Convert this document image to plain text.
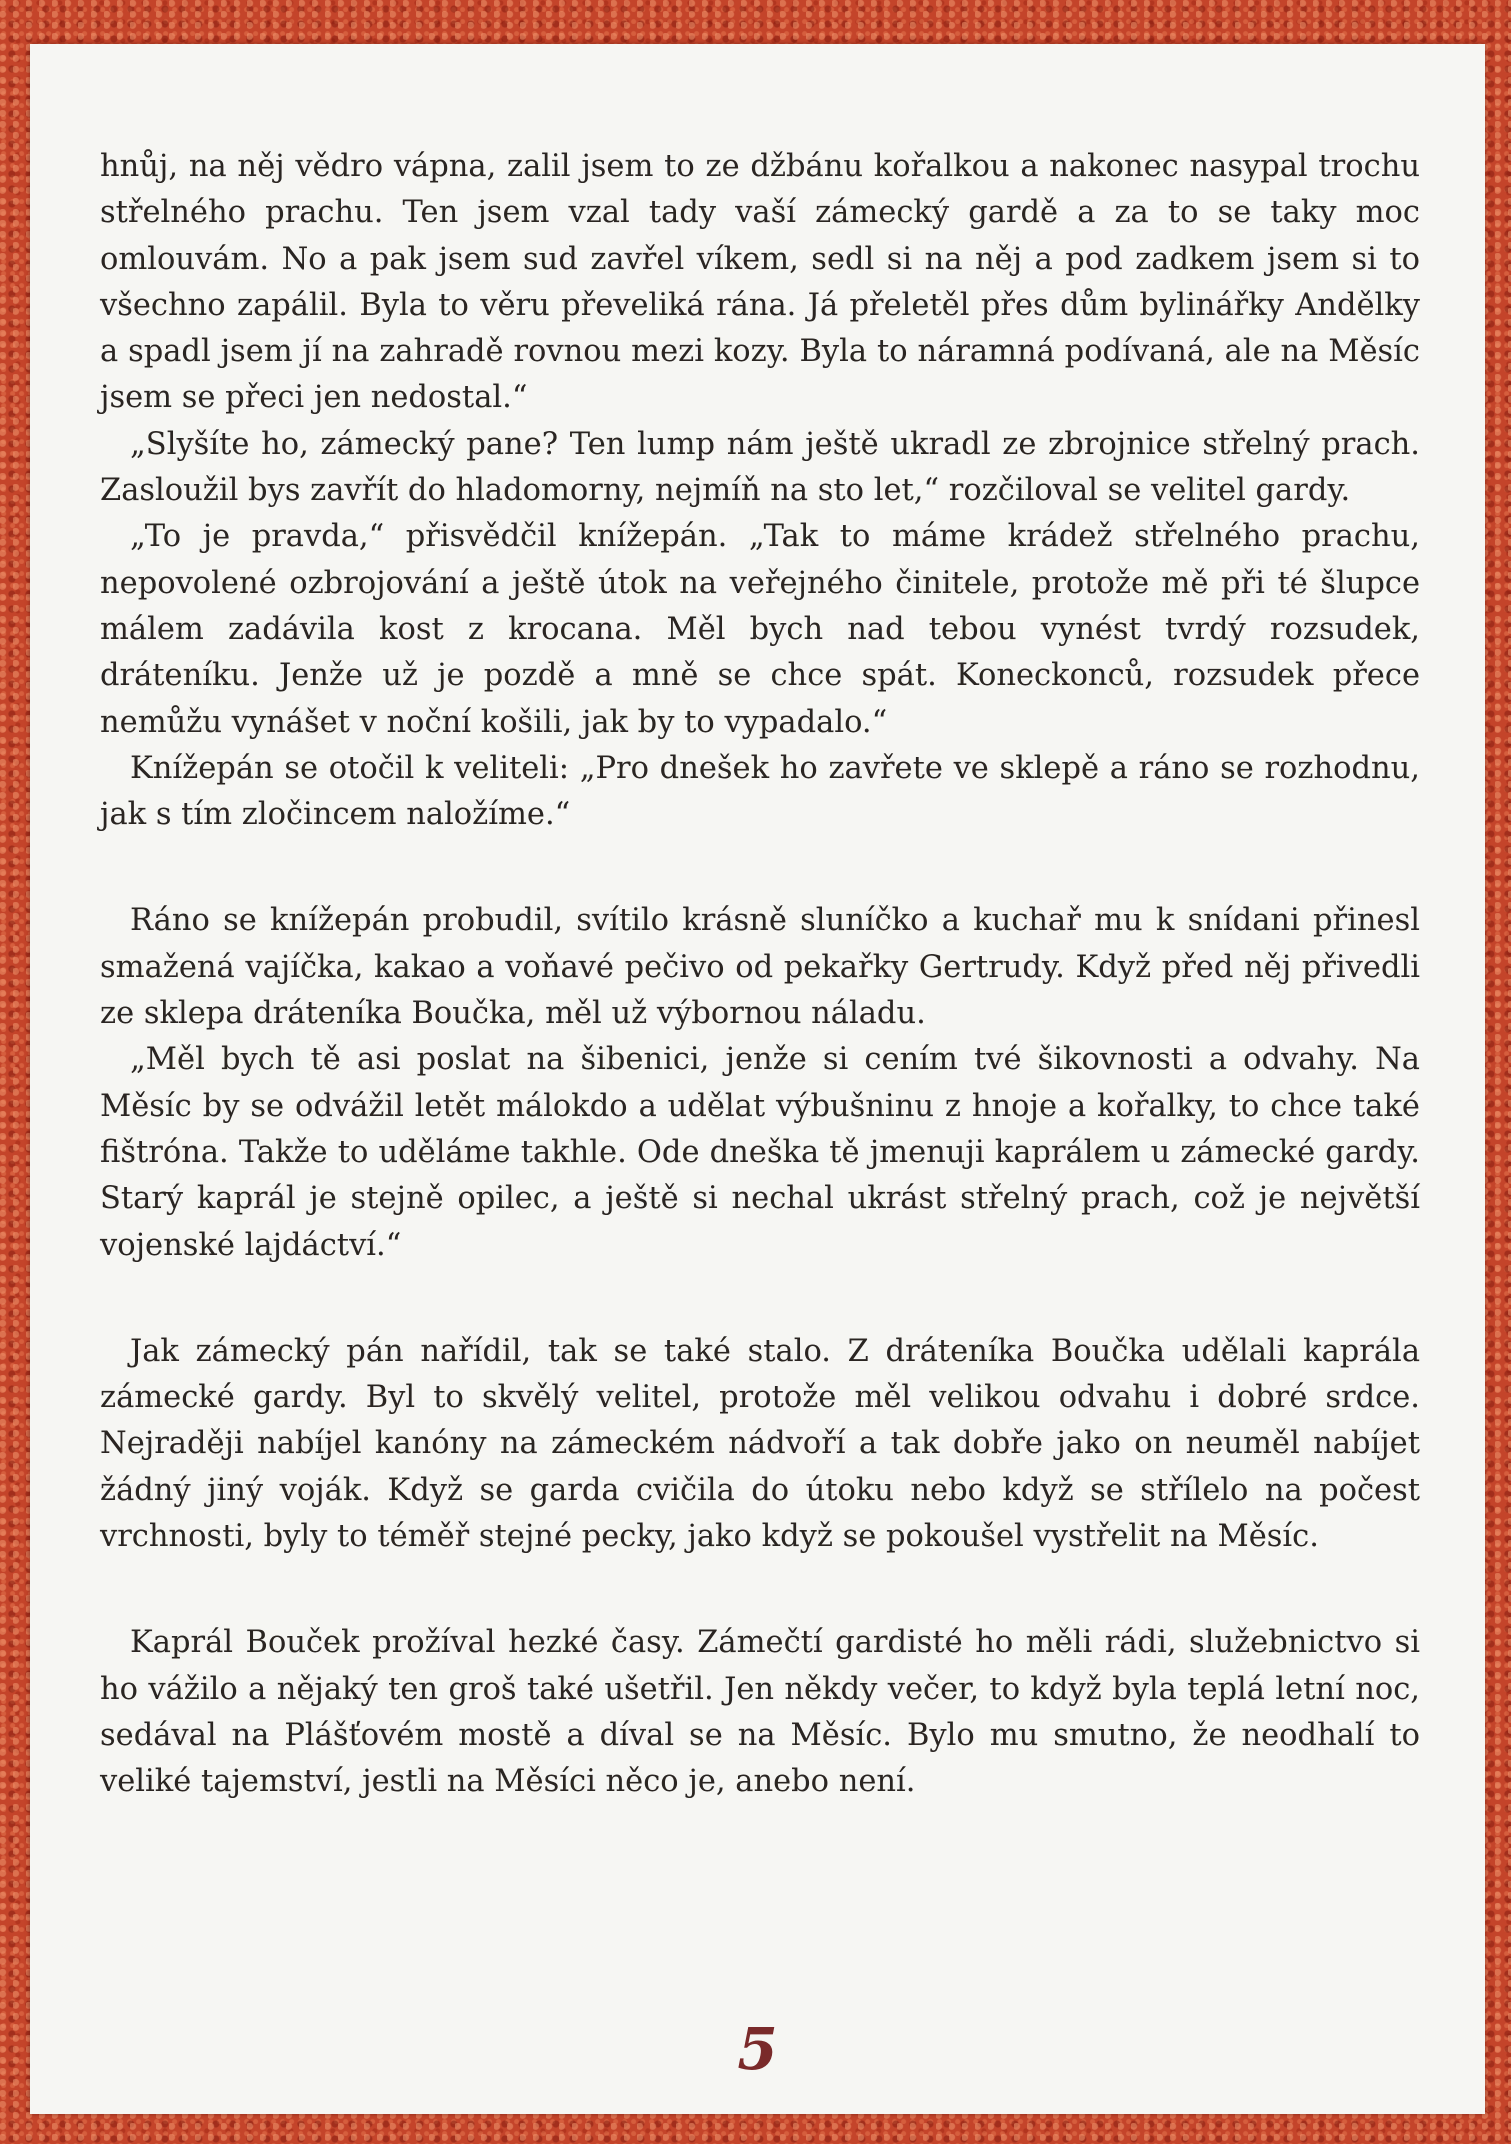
hnůj, na něj vědro vápna, zalil jsem to ze džbánu kořalkou a nakonec nasypal trochu střelného prachu. Ten jsem vzal tady vaší zámecký gardě a za to se taky moc omlouvám. No a pak jsem sud zavřel víkem, sedl si na něj a pod zadkem jsem si to všechno zapálil. Byla to věru převeliká rána. Já přeletěl přes dům bylinářky Andělky a spadl jsem jí na zahradě rovnou mezi kozy. Byla to náramná podívaná, ale na Měsíc jsem se přeci jen nedostal.“

„Slyšíte ho, zámecký pane? Ten lump nám ještě ukradl ze zbrojnice střelný prach. Zasloužil bys zavřít do hladomorny, nejmíň na sto let,“ rozčiloval se velitel gardy.

„To je pravda,“ přisvědčil knížepán. „Tak to máme krádež střelného prachu, nepovolené ozbrojování a ještě útok na veřejného činitele, protože mě při té šlupce málem zadávila kost z krocana. Měl bych nad tebou vynést tvrdý rozsudek, dráteníku. Jenže už je pozdě a mně se chce spát. Koneckonců, rozsudek přece nemůžu vynášet v noční košili, jak by to vypadalo.“

Knížepán se otočil k veliteli: „Pro dnešek ho zavřete ve sklepě a ráno se rozhodnu, jak s tím zločincem naložíme.“

Ráno se knížepán probudil, svítilo krásně sluníčko a kuchař mu k snídani přinesl smažená vajíčka, kakao a voňavé pečivo od pekařky Gertrudy. Když před něj přivedli ze sklepa dráteníka Boučka, měl už výbornou náladu.

„Měl bych tě asi poslat na šibenici, jenže si cením tvé šikovnosti a odvahy. Na Měsíc by se odvážil letět málokdo a udělat výbušninu z hnoje a kořalky, to chce také fištróna. Takže to uděláme takhle. Ode dneška tě jmenuji kaprálem u zámecké gardy. Starý kaprál je stejně opilec, a ještě si nechal ukrást střelný prach, což je největší vojenské lajdáctví.“

Jak zámecký pán nařídil, tak se také stalo. Z dráteníka Boučka udělali kaprála zámecké gardy. Byl to skvělý velitel, protože měl velikou odvahu i dobré srdce. Nejraději nabíjel kanóny na zámeckém nádvoří a tak dobře jako on neuměl nabíjet žádný jiný voják. Když se garda cvičila do útoku nebo když se střílelo na počest vrchnosti, byly to téměř stejné pecky, jako když se pokoušel vystřelit na Měsíc.

Kaprál Bouček prožíval hezké časy. Zámečtí gardisté ho měli rádi, služebnictvo si ho vážilo a nějaký ten groš také ušetřil. Jen někdy večer, to když byla teplá letní noc, sedával na Plášťovém mostě a díval se na Měsíc. Bylo mu smutno, že neodhalí to veliké tajemství, jestli na Měsíci něco je, anebo není.

5
